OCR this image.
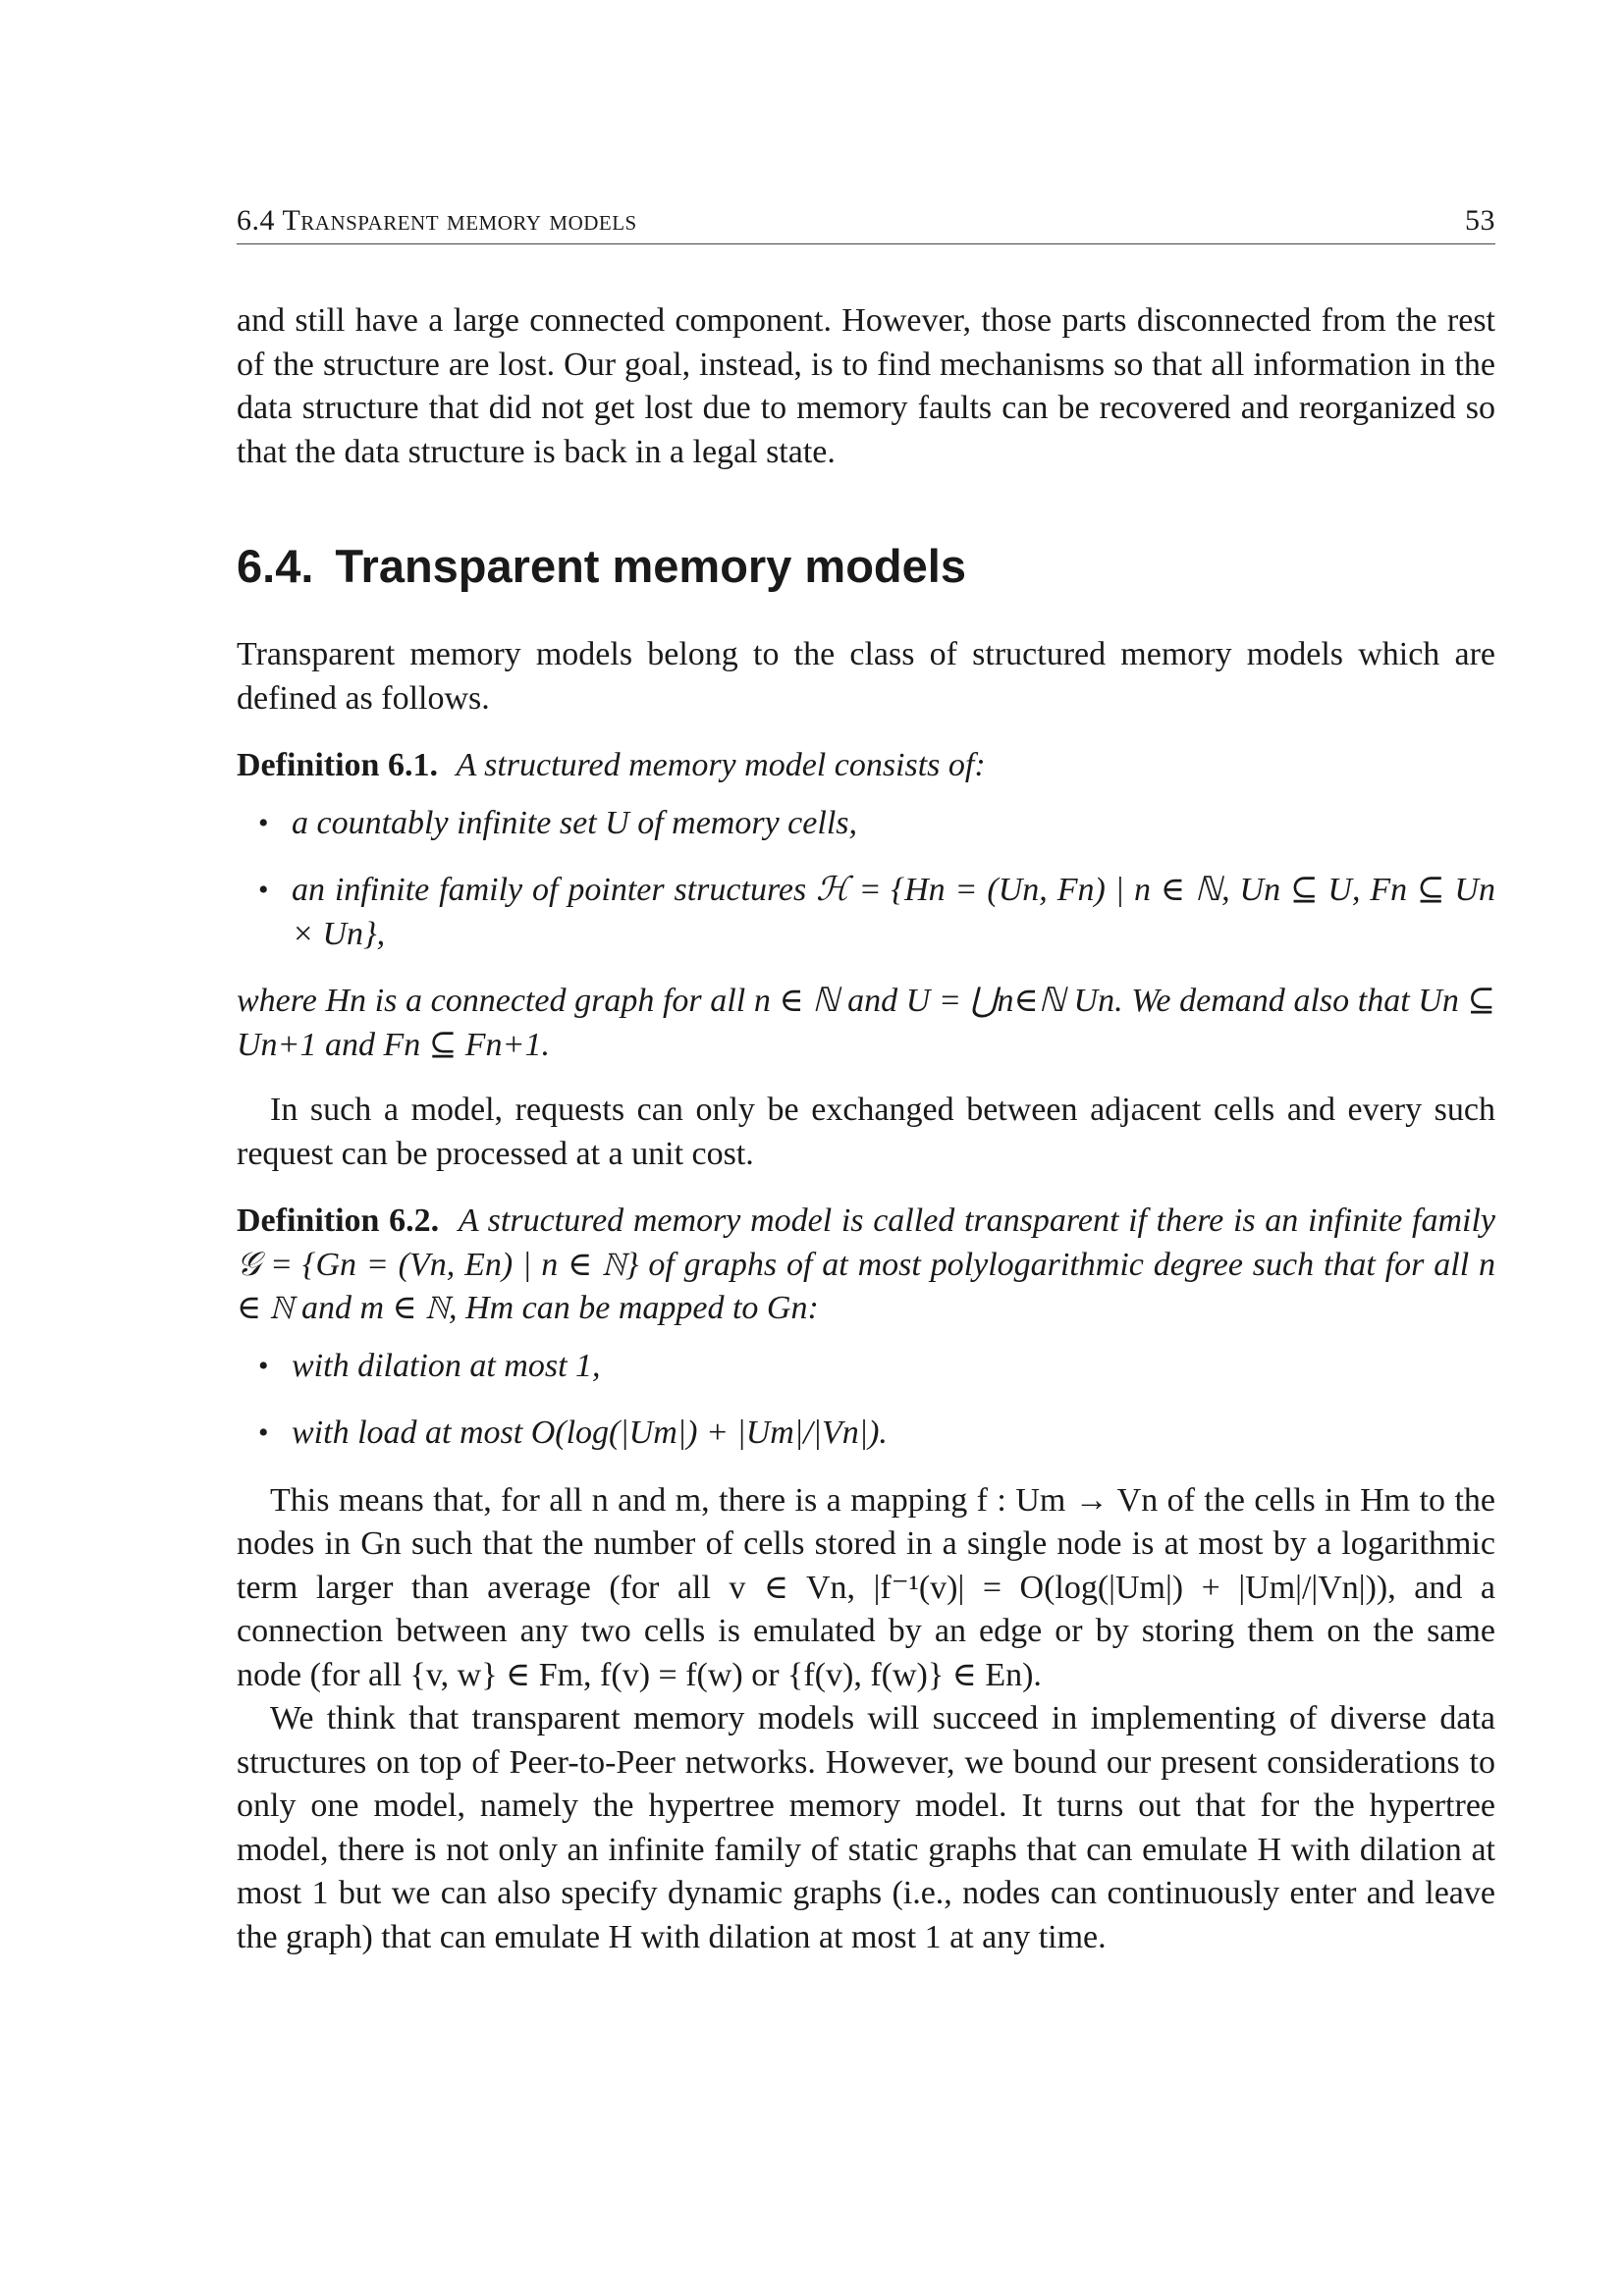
6.4 Transparent memory models	53

and still have a large connected component. However, those parts disconnected from the rest of the structure are lost. Our goal, instead, is to find mechanisms so that all information in the data structure that did not get lost due to memory faults can be recovered and reorganized so that the data structure is back in a legal state.

6.4. Transparent memory models

Transparent memory models belong to the class of structured memory models which are defined as follows.

Definition 6.1. A structured memory model consists of:

• a countably infinite set U of memory cells,
• an infinite family of pointer structures ℋ = {Hn = (Un, Fn) | n ∈ ℕ, Un ⊆ U, Fn ⊆ Un × Un},

where Hn is a connected graph for all n ∈ ℕ and U = ⋃n∈ℕ Un. We demand also that Un ⊆ Un+1 and Fn ⊆ Fn+1.

In such a model, requests can only be exchanged between adjacent cells and every such request can be processed at a unit cost.

Definition 6.2. A structured memory model is called transparent if there is an infinite family 𝒢 = {Gn = (Vn, En) | n ∈ ℕ} of graphs of at most polylogarithmic degree such that for all n ∈ ℕ and m ∈ ℕ, Hm can be mapped to Gn:

• with dilation at most 1,
• with load at most O(log(|Um|) + |Um|/|Vn|).

This means that, for all n and m, there is a mapping f : Um → Vn of the cells in Hm to the nodes in Gn such that the number of cells stored in a single node is at most by a logarithmic term larger than average (for all v ∈ Vn, |f⁻¹(v)| = O(log(|Um|) + |Um|/|Vn|)), and a connection between any two cells is emulated by an edge or by storing them on the same node (for all {v, w} ∈ Fm, f(v) = f(w) or {f(v), f(w)} ∈ En).

We think that transparent memory models will succeed in implementing of diverse data structures on top of Peer-to-Peer networks. However, we bound our present considerations to only one model, namely the hypertree memory model. It turns out that for the hypertree model, there is not only an infinite family of static graphs that can emulate H with dilation at most 1 but we can also specify dynamic graphs (i.e., nodes can continuously enter and leave the graph) that can emulate H with dilation at most 1 at any time.
